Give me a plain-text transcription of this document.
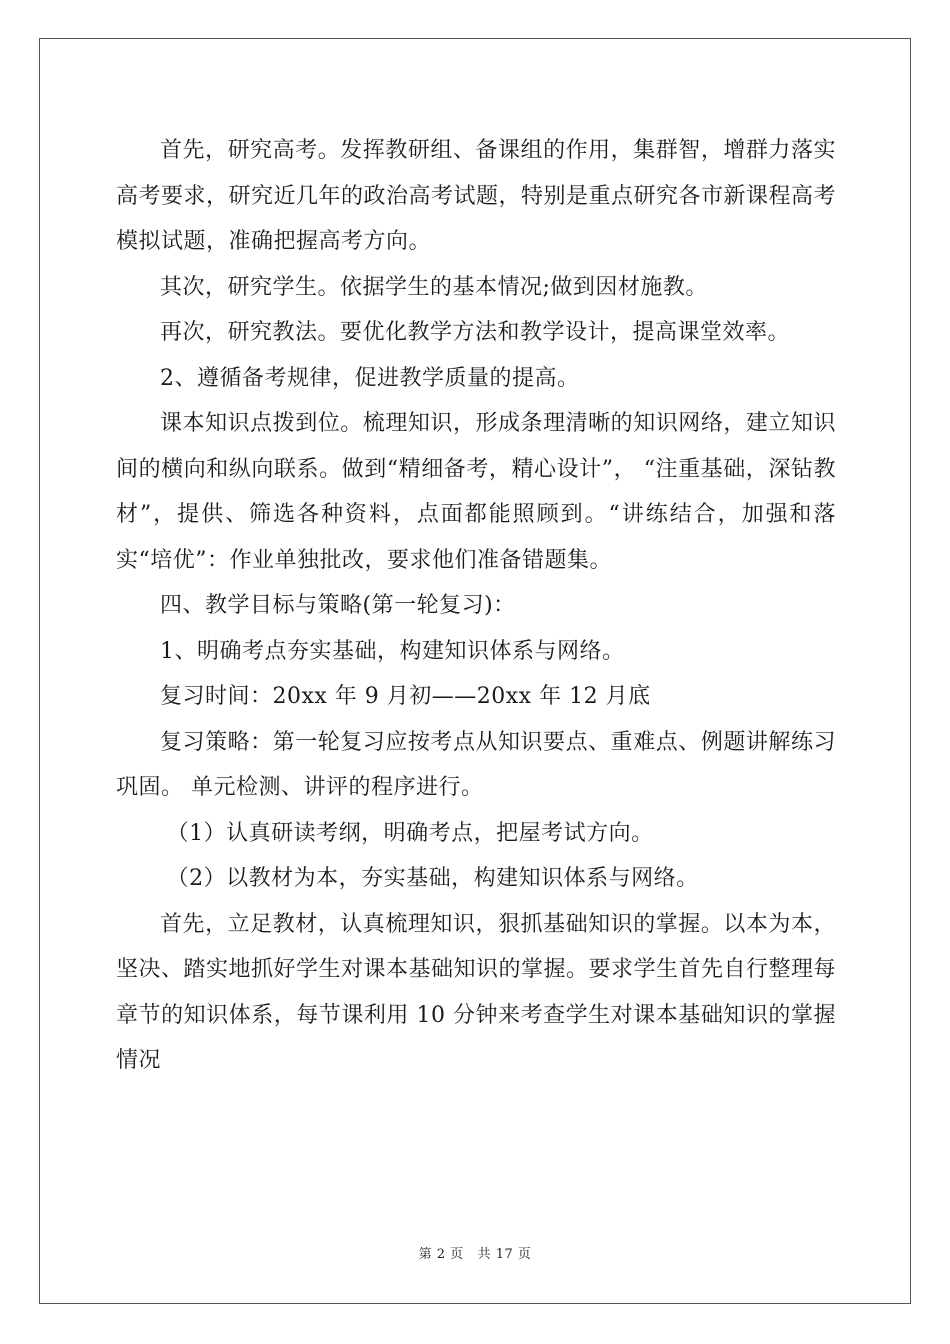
首先，研究高考。发挥教研组、备课组的作用，集群智，增群力落实高考要求，研究近几年的政治高考试题，特别是重点研究各市新课程高考模拟试题，准确把握高考方向。

其次，研究学生。依据学生的基本情况;做到因材施教。

再次，研究教法。要优化教学方法和教学设计，提高课堂效率。

2、遵循备考规律，促进教学质量的提高。

课本知识点拨到位。梳理知识，形成条理清晰的知识网络，建立知识间的横向和纵向联系。做到“精细备考，精心设计”， “注重基础，深钻教材”，提供、筛选各种资料，点面都能照顾到。“讲练结合，加强和落实“培优”：作业单独批改，要求他们准备错题集。

四、教学目标与策略(第一轮复习)：

1、明确考点夯实基础，构建知识体系与网络。

复习时间：20xx 年 9 月初——20xx 年 12 月底

复习策略：第一轮复习应按考点从知识要点、重难点、例题讲解练习巩固。 单元检测、讲评的程序进行。

（1）认真研读考纲，明确考点，把屋考试方向。

（2）以教材为本，夯实基础，构建知识体系与网络。

首先，立足教材，认真梳理知识，狠抓基础知识的掌握。以本为本，坚决、踏实地抓好学生对课本基础知识的掌握。要求学生首先自行整理每章节的知识体系，每节课利用 10 分钟来考查学生对课本基础知识的掌握情况

第 2 页 共 17 页
